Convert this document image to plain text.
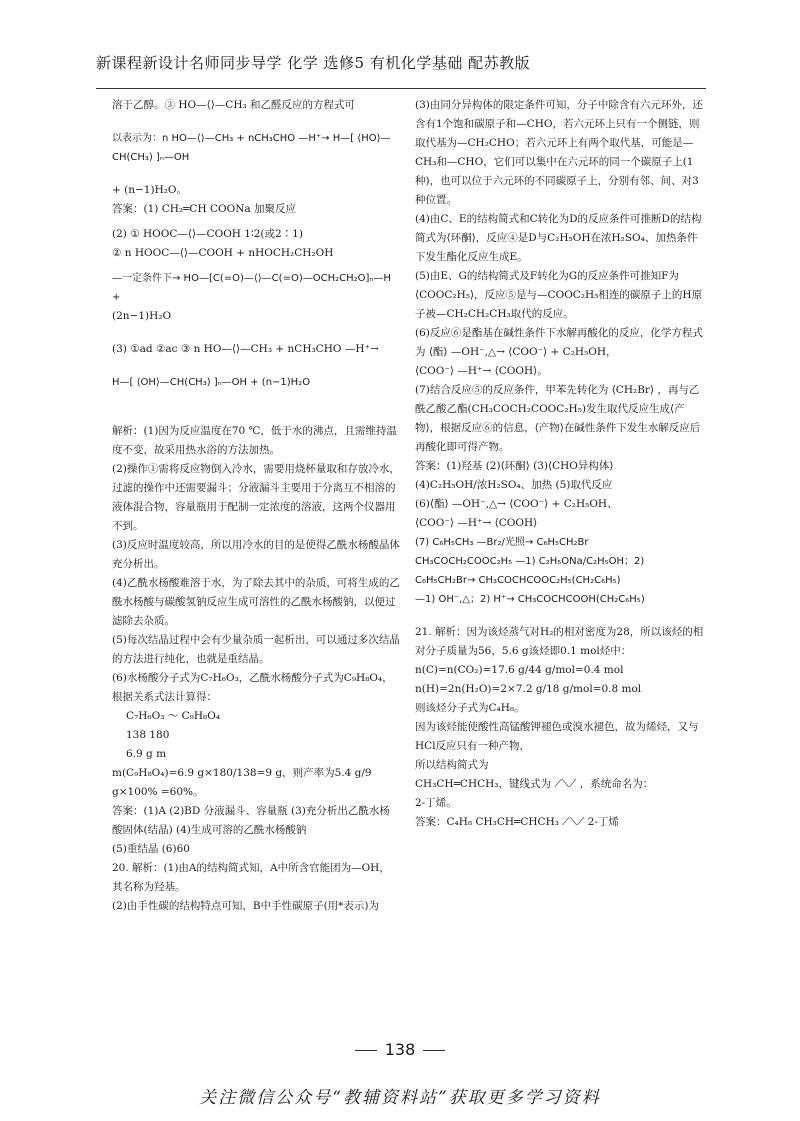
新课程新设计名师同步导学 化学 选修5 有机化学基础 配苏教版

溶于乙醇。③ HO—⟨⟩—CH₃ 和乙醛反应的方程式可

以表示为：n HO—⟨⟩—CH₃ + nCH₃CHO —H⁺→ H—[ ⟨HO⟩—CH(CH₃) ]ₙ—OH

+ (n−1)H₂O。

答案：(1) CH₂═CH COONa 加聚反应

(2) ① HOOC—⟨⟩—COOH 1∶2(或2∶1)

② n HOOC—⟨⟩—COOH + nHOCH₂CH₂OH

—一定条件下→ HO—[C(=O)—⟨⟩—C(=O)—OCH₂CH₂O]ₙ—H +

(2n−1)H₂O

(3) ①ad ②ac ③ n HO—⟨⟩—CH₃ + nCH₃CHO —H⁺→

H—[ ⟨OH⟩—CH(CH₃) ]ₙ—OH + (n−1)H₂O

解析：(1)因为反应温度在70 ℃，低于水的沸点，且需维持温度不变，故采用热水浴的方法加热。

(2)操作①需将反应物倒入冷水，需要用烧杯量取和存放冷水，过滤的操作中还需要漏斗；分液漏斗主要用于分离互不相溶的液体混合物，容量瓶用于配制一定浓度的溶液，这两个仪器用不到。

(3)反应时温度较高，所以用冷水的目的是使得乙酰水杨酸晶体充分析出。

(4)乙酰水杨酸难溶于水，为了除去其中的杂质，可将生成的乙酰水杨酸与碳酸氢钠反应生成可溶性的乙酰水杨酸钠，以便过滤除去杂质。

(5)每次结晶过程中会有少量杂质一起析出，可以通过多次结晶的方法进行纯化，也就是重结晶。

(6)水杨酸分子式为C₇H₆O₃，乙酰水杨酸分子式为C₉H₈O₄，根据关系式法计算得：

C₇H₆O₃ ～ C₉H₈O₄

138 180

6.9 g m

m(C₉H₈O₄)=6.9 g×180/138=9 g，则产率为5.4 g/9 g×100% =60%。

答案：(1)A (2)BD 分液漏斗、容量瓶 (3)充分析出乙酰水杨酸固体(结晶) (4)生成可溶的乙酰水杨酸钠

(5)重结晶 (6)60

20. 解析：(1)由A的结构简式知，A中所含官能团为—OH，其名称为羟基。

(2)由手性碳的结构特点可知，B中手性碳原子(用*表示)为

(3)由同分异构体的限定条件可知，分子中除含有六元环外，还含有1个饱和碳原子和—CHO，若六元环上只有一个侧链，则取代基为—CH₂CHO；若六元环上有两个取代基，可能是—CH₃和—CHO，它们可以集中在六元环的同一个碳原子上(1种)，也可以位于六元环的不同碳原子上，分别有邻、间、对3种位置。

(4)由C、E的结构简式和C转化为D的反应条件可推断D的结构简式为⟨环酮⟩，反应④是D与C₂H₅OH在浓H₂SO₄、加热条件下发生酯化反应生成E。

(5)由E、G的结构简式及F转化为G的反应条件可推知F为⟨COOC₂H₅⟩，反应⑤是与—COOC₂H₅相连的碳原子上的H原子被—CH₂CH₂CH₃取代的反应。

(6)反应⑥是酯基在碱性条件下水解再酸化的反应，化学方程式为 ⟨酯⟩ —OH⁻,△→ ⟨COO⁻⟩ + C₂H₅OH，

⟨COO⁻⟩ —H⁺→ ⟨COOH⟩。

(7)结合反应⑤的反应条件，甲苯先转化为 ⟨CH₂Br⟩ ，再与乙酰乙酸乙酯(CH₃COCH₂COOC₂H₅)发生取代反应生成⟨产物⟩，根据反应⑥的信息，⟨产物⟩在碱性条件下发生水解反应后再酸化即可得产物。

答案：(1)羟基 (2)⟨环酮⟩ (3)⟨CHO异构体⟩

(4)C₂H₅OH/浓H₂SO₄、加热 (5)取代反应

(6)⟨酯⟩ —OH⁻,△→ ⟨COO⁻⟩ + C₂H₅OH、

⟨COO⁻⟩ —H⁺→ ⟨COOH⟩

(7) C₆H₅CH₃ —Br₂/光照→ C₆H₅CH₂Br

CH₃COCH₂COOC₂H₅ —1) C₂H₅ONa/C₂H₅OH；2) C₆H₅CH₂Br→ CH₃COCHCOOC₂H₅(CH₂C₆H₅)

—1) OH⁻,△；2) H⁺→ CH₃COCHCOOH(CH₂C₆H₅)

21. 解析：因为该烃蒸气对H₂的相对密度为28，所以该烃的相对分子质量为56，5.6 g该烃即0.1 mol烃中：

n(C)=n(CO₂)=17.6 g/44 g/mol=0.4 mol

n(H)=2n(H₂O)=2×7.2 g/18 g/mol=0.8 mol

则该烃分子式为C₄H₈。

因为该烃能使酸性高锰酸钾褪色或溴水褪色，故为烯烃，又与HCl反应只有一种产物，

所以结构简式为

CH₃CH═CHCH₃，键线式为 ⟋⟍⟋ ，系统命名为：

2-丁烯。

答案：C₄H₈ CH₃CH═CHCH₃ ⟋⟍⟋ 2-丁烯

138
关注微信公众号“教辅资料站”获取更多学习资料
